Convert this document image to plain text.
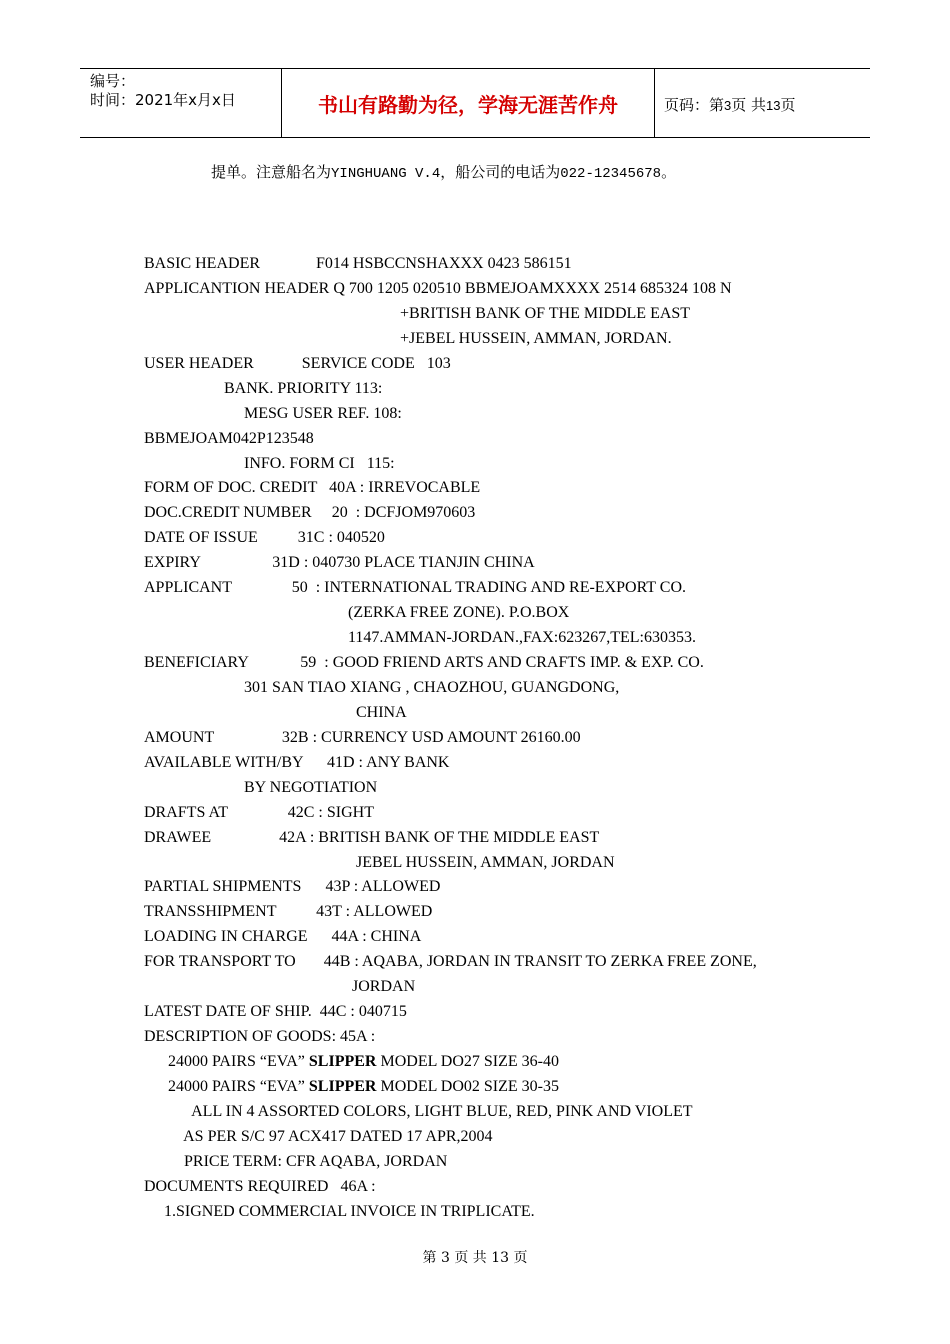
编号：
时间：2021年x月x日	书山有路勤为径，学海无涯苦作舟	页码：第3页 共13页
提单。注意船名为YINGHUANG V.4，船公司的电话为022-12345678。
BASIC HEADER              F014 HSBCCNSHAXXX 0423 586151
APPLICANTION HEADER Q 700 1205 020510 BBMEJOAMXXXX 2514 685324 108 N
+BRITISH BANK OF THE MIDDLE EAST
+JEBEL HUSSEIN, AMMAN, JORDAN.
USER HEADER            SERVICE CODE   103
BANK. PRIORITY 113:
MESG USER REF. 108:
BBMEJOAM042P123548
INFO. FORM CI   115:
FORM OF DOC. CREDIT   40A : IRREVOCABLE
DOC.CREDIT NUMBER     20  : DCFJOM970603
DATE OF ISSUE          31C : 040520
EXPIRY                  31D : 040730 PLACE TIANJIN CHINA
APPLICANT               50  : INTERNATIONAL TRADING AND RE-EXPORT CO.
(ZERKA FREE ZONE). P.O.BOX
1147.AMMAN-JORDAN.,FAX:623267,TEL:630353.
BENEFICIARY             59  : GOOD FRIEND ARTS AND CRAFTS IMP. & EXP. CO.
301 SAN TIAO XIANG , CHAOZHOU, GUANGDONG,
CHINA
AMOUNT                 32B : CURRENCY USD AMOUNT 26160.00
AVAILABLE WITH/BY      41D : ANY BANK
BY NEGOTIATION
DRAFTS AT               42C : SIGHT
DRAWEE                 42A : BRITISH BANK OF THE MIDDLE EAST
JEBEL HUSSEIN, AMMAN, JORDAN
PARTIAL SHIPMENTS      43P : ALLOWED
TRANSSHIPMENT          43T : ALLOWED
LOADING IN CHARGE      44A : CHINA
FOR TRANSPORT TO       44B : AQABA, JORDAN IN TRANSIT TO ZERKA FREE ZONE,
JORDAN
LATEST DATE OF SHIP.  44C : 040715
DESCRIPTION OF GOODS: 45A :
24000 PAIRS “EVA” SLIPPER MODEL DO27 SIZE 36-40
24000 PAIRS “EVA” SLIPPER MODEL DO02 SIZE 30-35
ALL IN 4 ASSORTED COLORS, LIGHT BLUE, RED, PINK AND VIOLET
AS PER S/C 97 ACX417 DATED 17 APR,2004
PRICE TERM: CFR AQABA, JORDAN
DOCUMENTS REQUIRED   46A :
1.SIGNED COMMERCIAL INVOICE IN TRIPLICATE.
第 3 页 共 13 页
